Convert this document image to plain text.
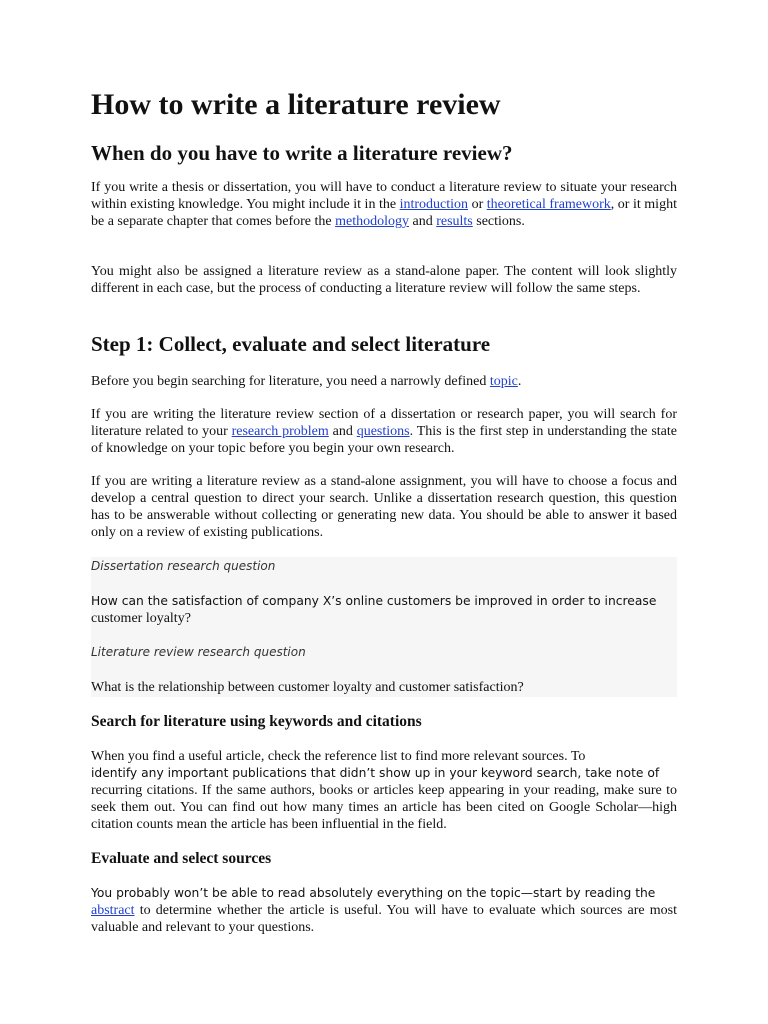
How to write a literature review
When do you have to write a literature review?

If you write a thesis or dissertation, you will have to conduct a literature review to situate your research within existing knowledge. You might include it in the introduction or theoretical framework, or it might be a separate chapter that comes before the methodology and results sections.

You might also be assigned a literature review as a stand-alone paper. The content will look slightly different in each case, but the process of conducting a literature review will follow the same steps.

Step 1: Collect, evaluate and select literature

Before you begin searching for literature, you need a narrowly defined topic.

If you are writing the literature review section of a dissertation or research paper, you will search for literature related to your research problem and questions. This is the first step in understanding the state of knowledge on your topic before you begin your own research.

If you are writing a literature review as a stand-alone assignment, you will have to choose a focus and develop a central question to direct your search. Unlike a dissertation research question, this question has to be answerable without collecting or generating new data. You should be able to answer it based only on a review of existing publications.

Dissertation research question
How can the satisfaction of company X’s online customers be improved in order to increase
customer loyalty?
Literature review research question
What is the relationship between customer loyalty and customer satisfaction?
Search for literature using keywords and citations

When you find a useful article, check the reference list to find more relevant sources. To
identify any important publications that didn’t show up in your keyword search, take note of
recurring citations. If the same authors, books or articles keep appearing in your reading, make sure to seek them out. You can find out how many times an article has been cited on Google Scholar—high citation counts mean the article has been influential in the field.

Evaluate and select sources

You probably won’t be able to read absolutely everything on the topic—start by reading the
abstract to determine whether the article is useful. You will have to evaluate which sources are most valuable and relevant to your questions.
